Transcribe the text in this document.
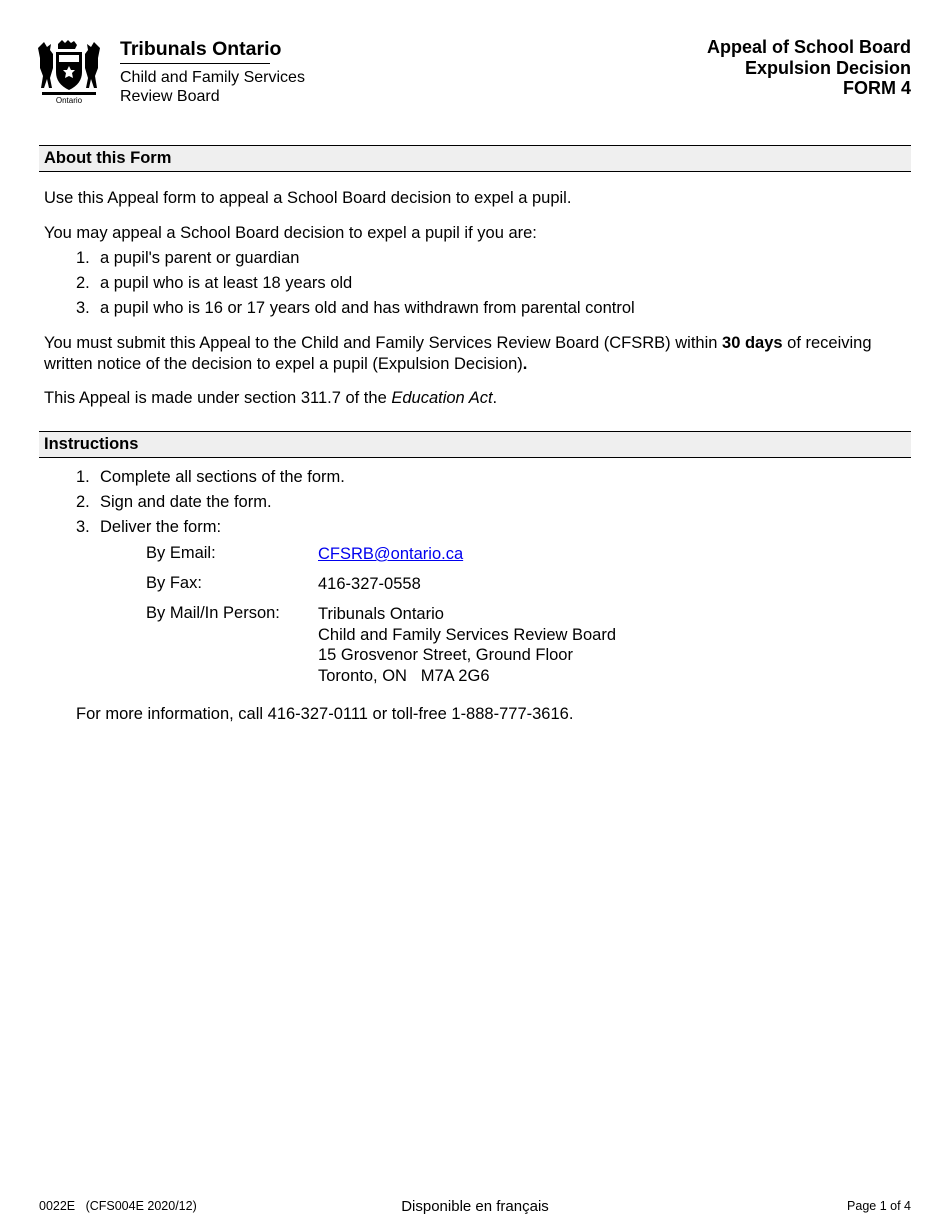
Ontario
Tribunals Ontario
Child and Family Services
Review Board
Appeal of School Board
Expulsion Decision
FORM 4
About this Form
Use this Appeal form to appeal a School Board decision to expel a pupil.
You may appeal a School Board decision to expel a pupil if you are:
1. a pupil's parent or guardian
2. a pupil who is at least 18 years old
3. a pupil who is 16 or 17 years old and has withdrawn from parental control
You must submit this Appeal to the Child and Family Services Review Board (CFSRB) within 30 days of receiving
written notice of the decision to expel a pupil (Expulsion Decision).
This Appeal is made under section 311.7 of the Education Act.
Instructions
1. Complete all sections of the form.
2. Sign and date the form.
3. Deliver the form:
By Email:	CFSRB@ontario.ca
By Fax:	416-327-0558
By Mail/In Person: Tribunals Ontario
Child and Family Services Review Board
15 Grosvenor Street, Ground Floor
Toronto, ON   M7A 2G6
For more information, call 416-327-0111 or toll-free 1-888-777-3616.
0022E   (CFS004E 2020/12)	Disponible en français	Page 1 of 4
